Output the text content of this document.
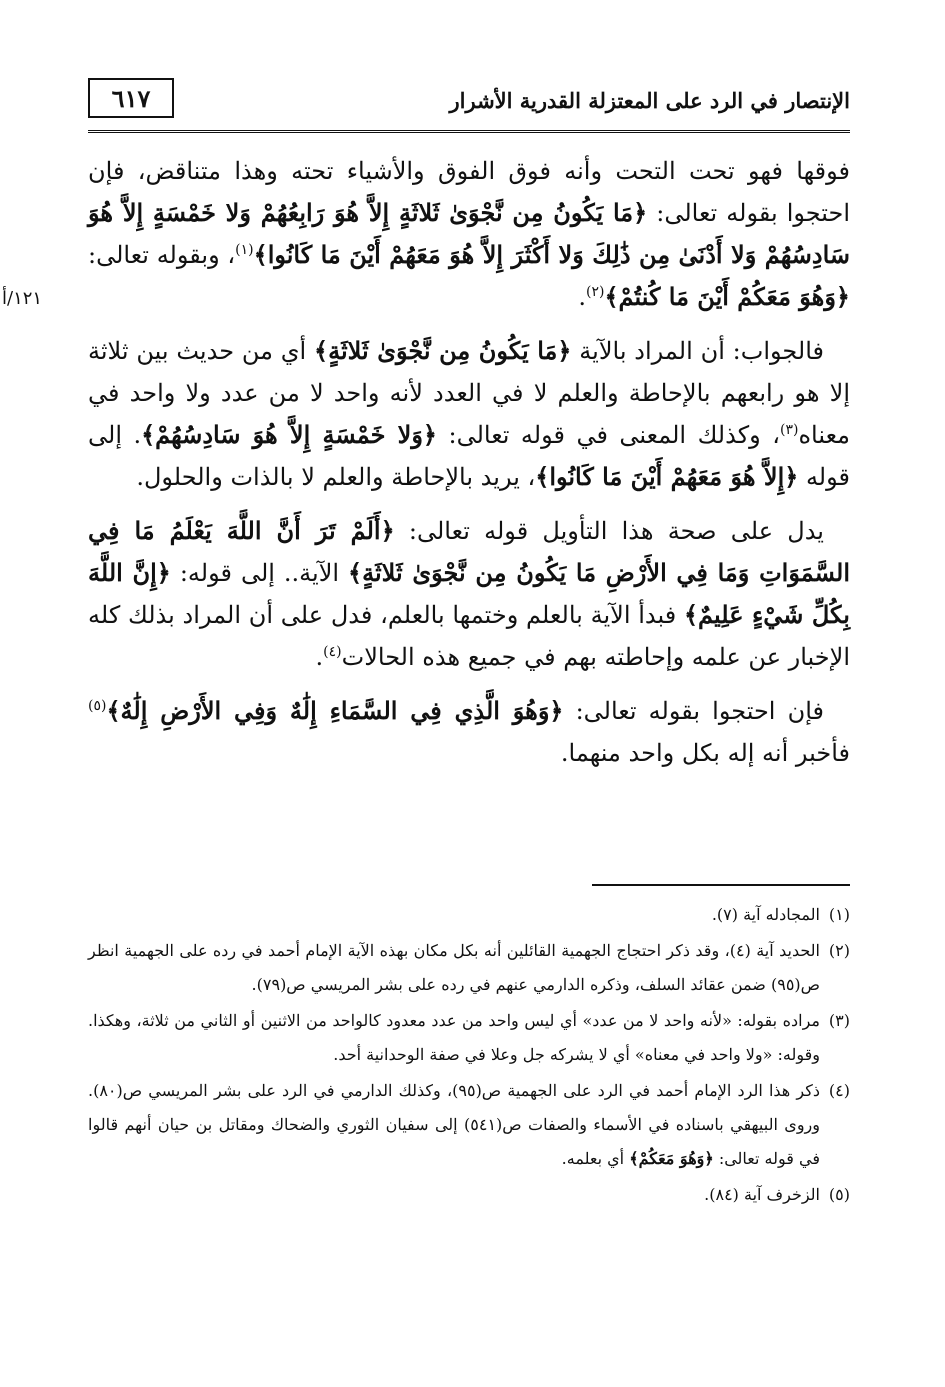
الإنتصار في الرد على المعتزلة القدرية الأشرار
٦١٧
١٢١/أ

فوقها فهو تحت التحت وأنه فوق الفوق والأشياء تحته وهذا متناقض، فإن احتجوا بقوله تعالى: ﴿مَا يَكُونُ مِن نَّجْوَىٰ ثَلاثَةٍ إِلاَّ هُوَ رَابِعُهُمْ وَلا خَمْسَةٍ إِلاَّ هُوَ سَادِسُهُمْ وَلا أَدْنَىٰ مِن ذَٰلِكَ وَلا أَكْثَرَ إِلاَّ هُوَ مَعَهُمْ أَيْنَ مَا كَانُوا﴾$^{(١)}$، وبقوله تعالى: ﴿وَهُوَ مَعَكُمْ أَيْنَ مَا كُنتُمْ﴾$^{(٢)}$.

فالجواب: أن المراد بالآية ﴿مَا يَكُونُ مِن نَّجْوَىٰ ثَلاثَةٍ﴾ أي من حديث بين ثلاثة إلا هو رابعهم بالإحاطة والعلم لا في العدد لأنه واحد لا من عدد ولا واحد في معناه$^{(٣)}$، وكذلك المعنى في قوله تعالى: ﴿وَلا خَمْسَةٍ إِلاَّ هُوَ سَادِسُهُمْ﴾. إلى قوله ﴿إِلاَّ هُوَ مَعَهُمْ أَيْنَ مَا كَانُوا﴾، يريد بالإحاطة والعلم لا بالذات والحلول.

يدل على صحة هذا التأويل قوله تعالى: ﴿أَلَمْ تَرَ أَنَّ اللَّهَ يَعْلَمُ مَا فِي السَّمَوَاتِ وَمَا فِي الأَرْضِ مَا يَكُونُ مِن نَّجْوَىٰ ثَلاثَةٍ﴾ الآية.. إلى قوله: ﴿إِنَّ اللَّهَ بِكُلِّ شَيْءٍ عَلِيمٌ﴾ فبدأ الآية بالعلم وختمها بالعلم، فدل على أن المراد بذلك كله الإخبار عن علمه وإحاطته بهم في جميع هذه الحالات$^{(٤)}$.

فإن احتجوا بقوله تعالى: ﴿وَهُوَ الَّذِي فِي السَّمَاءِ إِلَٰهٌ وَفِي الأَرْضِ إِلَٰهٌ﴾$^{(٥)}$ فأخبر أنه إله بكل واحد منهما.

(١)المجادله آية (٧).
(٢)الحديد آية (٤)، وقد ذكر احتجاج الجهمية القائلين أنه بكل مكان بهذه الآية الإمام أحمد في رده على الجهمية انظر ص(٩٥) ضمن عقائد السلف، وذكره الدارمي عنهم في رده على بشر المريسي ص(٧٩).
(٣)مراده بقوله: «لأنه واحد لا من عدد» أي ليس واحد من عدد معدود كالواحد من الاثنين أو الثاني من ثلاثة، وهكذا. وقوله: «ولا واحد في معناه» أي لا يشركه جل وعلا في صفة الوحدانية أحد.
(٤)ذكر هذا الرد الإمام أحمد في الرد على الجهمية ص(٩٥)، وكذلك الدارمي في الرد على بشر المريسي ص(٨٠). وروى البيهقي باسناده في الأسماء والصفات ص(٥٤١) إلى سفيان الثوري والضحاك ومقاتل بن حيان أنهم قالوا في قوله تعالى: ﴿وَهُوَ مَعَكُمْ﴾ أي بعلمه.
(٥)الزخرف آية (٨٤).
